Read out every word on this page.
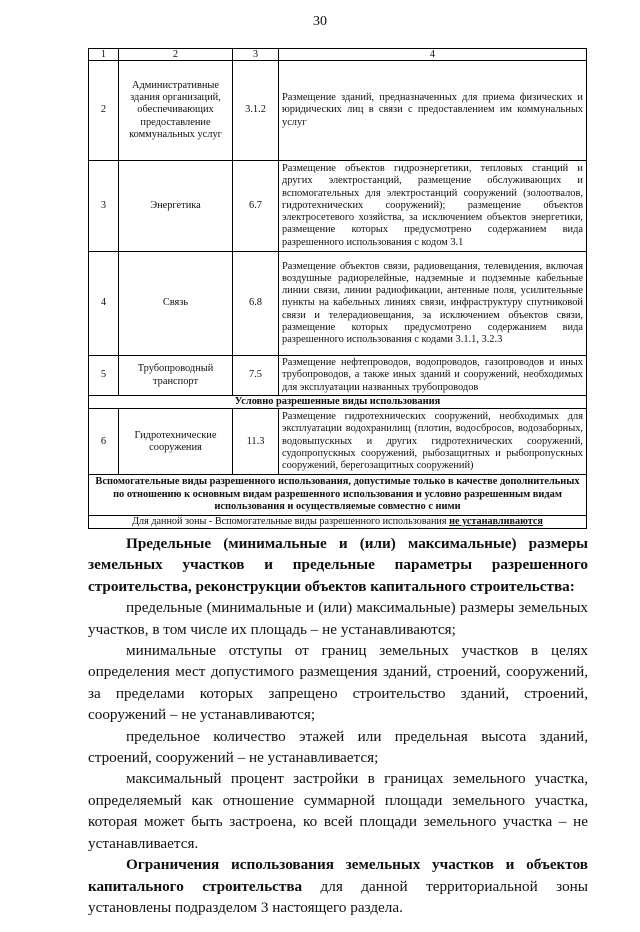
30
1	2	3	4
2	Административные здания организаций, обеспечивающих предоставление коммунальных услуг	3.1.2	Размещение зданий, предназначенных для приема физических и юридических лиц в связи с предоставлением им коммунальных услуг
3	Энергетика	6.7	Размещение объектов гидроэнергетики, тепловых станций и других электростанций, размещение обслуживающих и вспомогательных для электростанций сооружений (золоотвалов, гидротехнических сооружений); размещение объектов электросетевого хозяйства, за исключением объектов энергетики, размещение которых предусмотрено содержанием вида разрешенного использования с кодом 3.1
4	Связь	6.8	Размещение объектов связи, радиовещания, телевидения, включая воздушные радиорелейные, надземные и подземные кабельные линии связи, линии радиофикации, антенные поля, усилительные пункты на кабельных линиях связи, инфраструктуру спутниковой связи и телерадиовещания, за исключением объектов связи, размещение которых предусмотрено содержанием вида разрешенного использования с кодами 3.1.1, 3.2.3
5	Трубопроводный транспорт	7.5	Размещение нефтепроводов, водопроводов, газопроводов и иных трубопроводов, а также иных зданий и сооружений, необходимых для эксплуатации названных трубопроводов
Условно разрешенные виды использования			
6	Гидротехнические сооружения	11.3	Размещение гидротехнических сооружений, необходимых для эксплуатации водохранилищ (плотин, водосбросов, водозаборных, водовыпускных и других гидротехнических сооружений, судопропускных сооружений, рыбозащитных и рыбопропускных сооружений, берегозащитных сооружений)
Вспомогательные виды разрешенного использования, допустимые только в качестве дополнительных по отношению к основным видам разрешенного использования и условно разрешенным видам использования и осуществляемые совместно с ними			
Для данной зоны - Вспомогательные виды разрешенного использования не устанавливаются			

Предельные (минимальные и (или) максимальные) размеры земельных участков и предельные параметры разрешенного строительства, реконструкции объектов капитального строительства:

предельные (минимальные и (или) максимальные) размеры земельных участков, в том числе их площадь – не устанавливаются;

минимальные отступы от границ земельных участков в целях определения мест допустимого размещения зданий, строений, сооружений, за пределами которых запрещено строительство зданий, строений, сооружений – не устанавливаются;

предельное количество этажей или предельная высота зданий, строений, сооружений – не устанавливается;

максимальный процент застройки в границах земельного участка, определяемый как отношение суммарной площади земельного участка, которая может быть застроена, ко всей площади земельного участка – не устанавливается.

Ограничения использования земельных участков и объектов капитального строительства для данной территориальной зоны установлены подразделом 3 настоящего раздела.
